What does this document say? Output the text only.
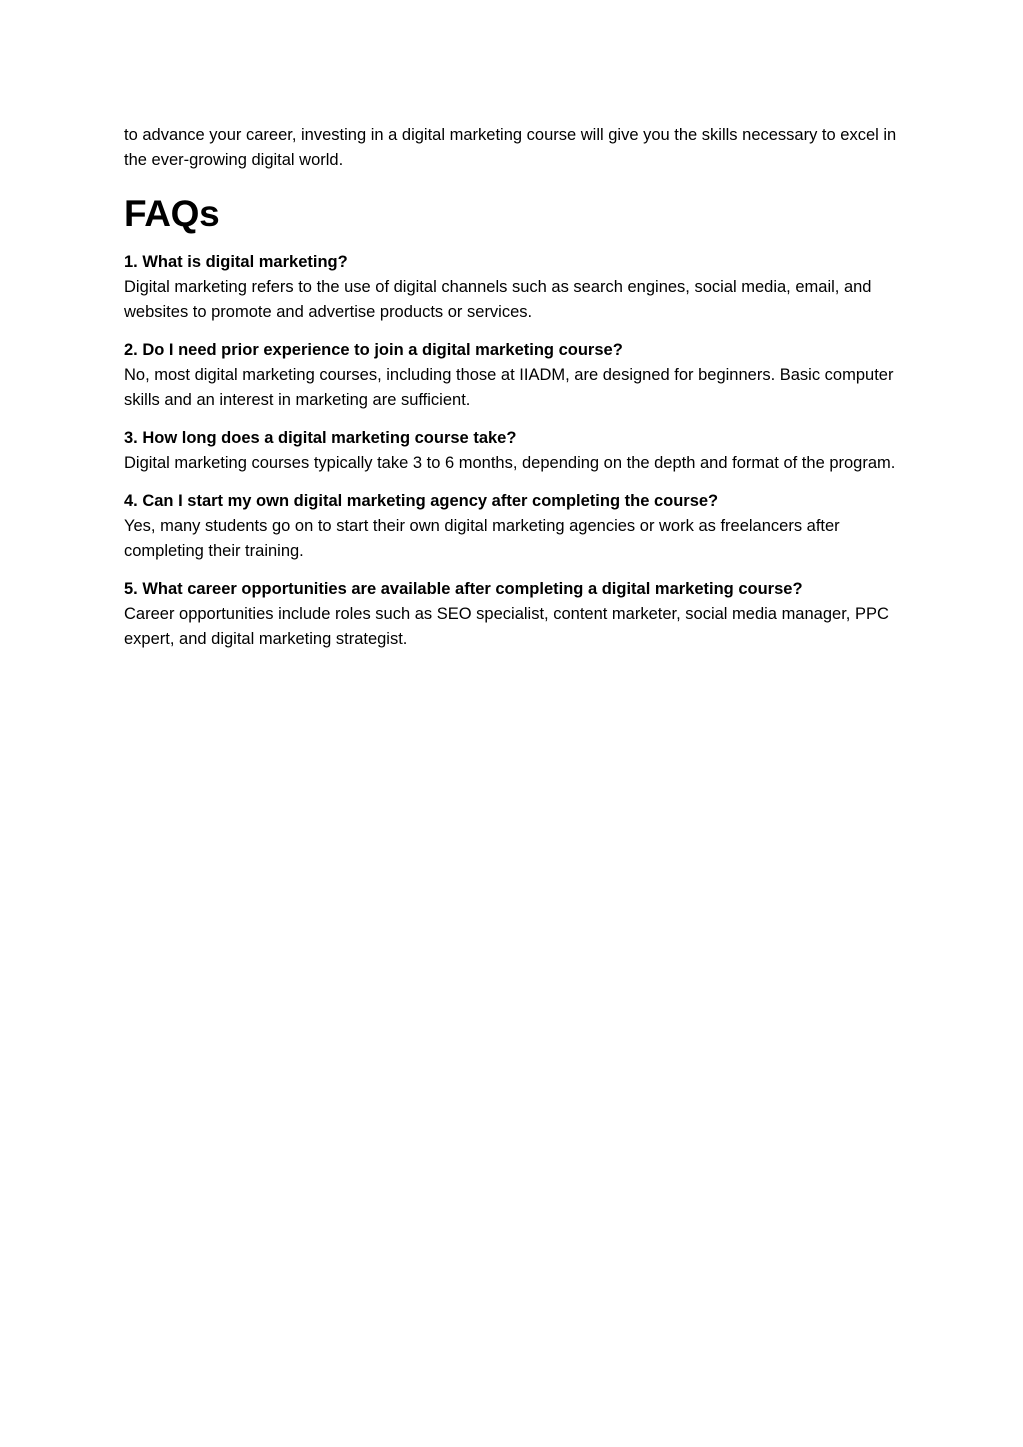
to advance your career, investing in a digital marketing course will give you the skills necessary to excel in the ever-growing digital world.

FAQs

1. What is digital marketing?

Digital marketing refers to the use of digital channels such as search engines, social media, email, and websites to promote and advertise products or services.

2. Do I need prior experience to join a digital marketing course?

No, most digital marketing courses, including those at IIADM, are designed for beginners. Basic computer skills and an interest in marketing are sufficient.

3. How long does a digital marketing course take?

Digital marketing courses typically take 3 to 6 months, depending on the depth and format of the program.

4. Can I start my own digital marketing agency after completing the course?

Yes, many students go on to start their own digital marketing agencies or work as freelancers after completing their training.

5. What career opportunities are available after completing a digital marketing course?

Career opportunities include roles such as SEO specialist, content marketer, social media manager, PPC expert, and digital marketing strategist.
